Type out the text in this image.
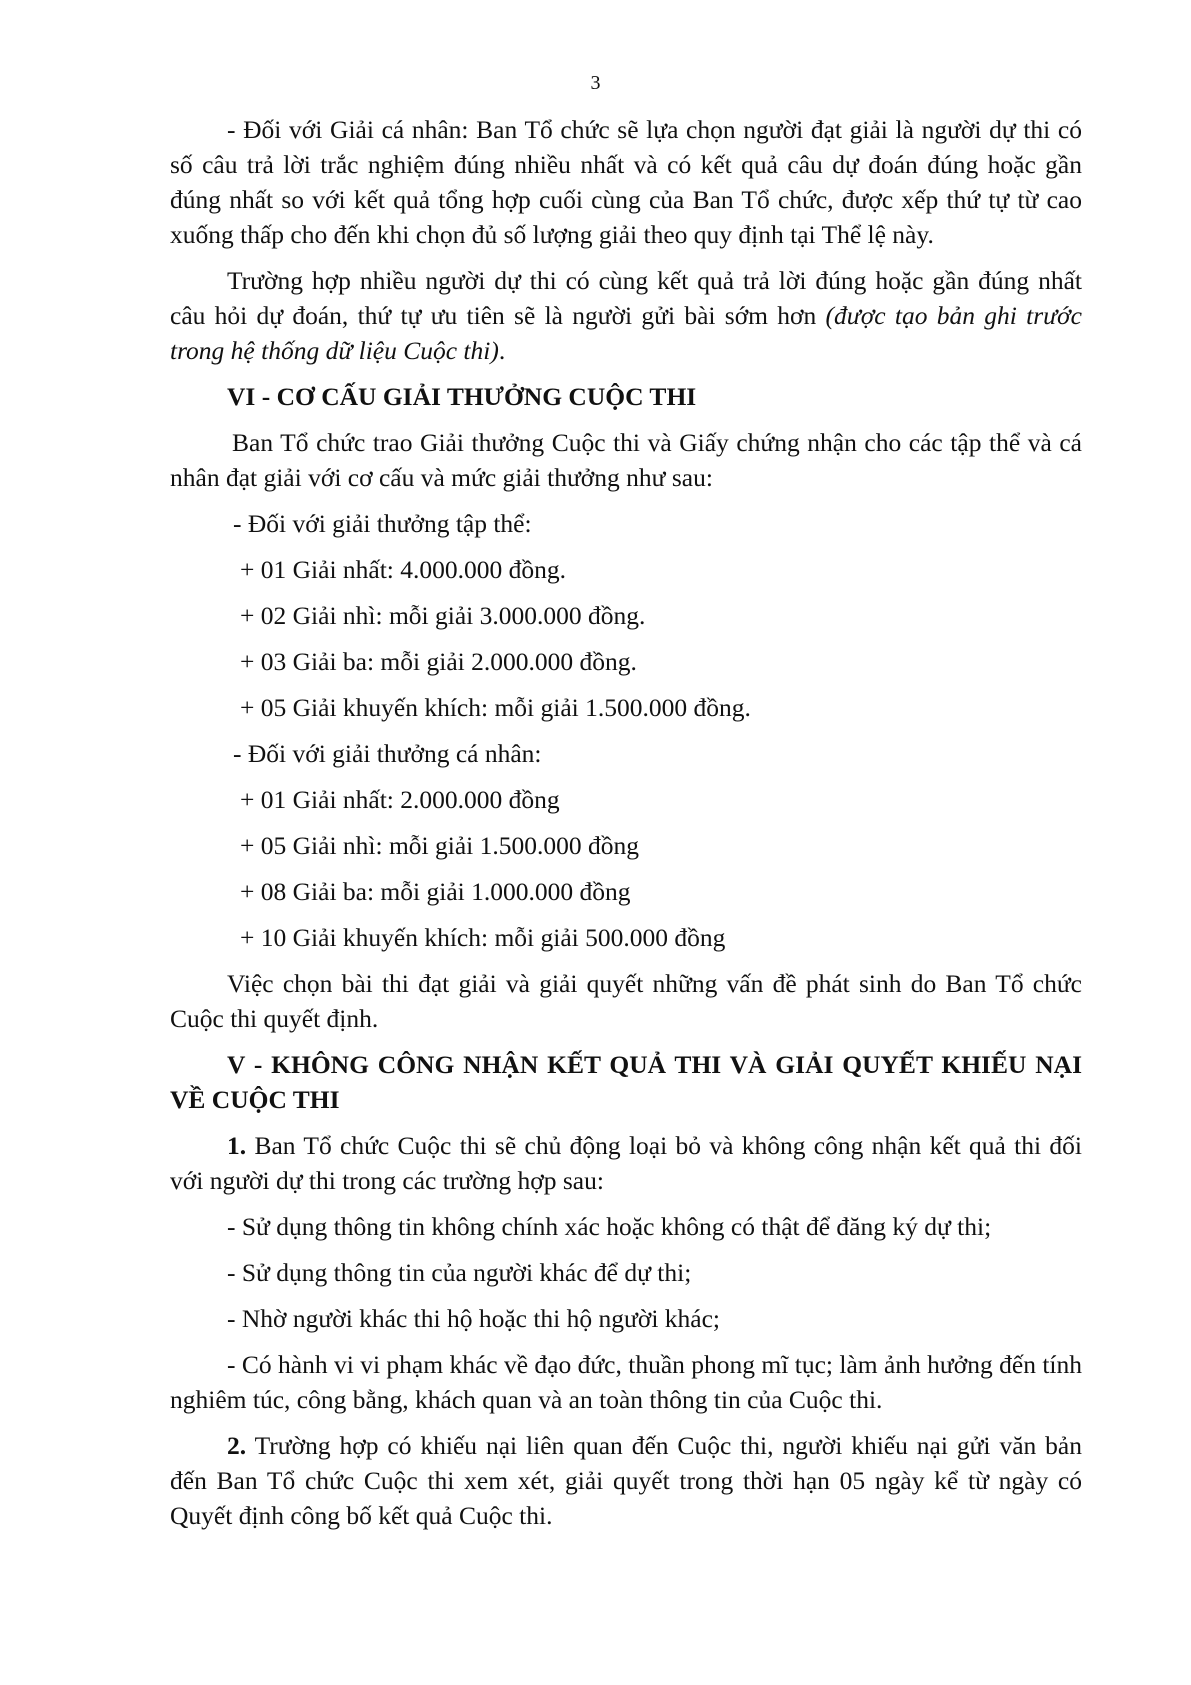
3

- Đối với Giải cá nhân: Ban Tổ chức sẽ lựa chọn người đạt giải là người dự thi có số câu trả lời trắc nghiệm đúng nhiều nhất và có kết quả câu dự đoán đúng hoặc gần đúng nhất so với kết quả tổng hợp cuối cùng của Ban Tổ chức, được xếp thứ tự từ cao xuống thấp cho đến khi chọn đủ số lượng giải theo quy định tại Thể lệ này.

Trường hợp nhiều người dự thi có cùng kết quả trả lời đúng hoặc gần đúng nhất câu hỏi dự đoán, thứ tự ưu tiên sẽ là người gửi bài sớm hơn (được tạo bản ghi trước trong hệ thống dữ liệu Cuộc thi).

VI - CƠ CẤU GIẢI THƯỞNG CUỘC THI

Ban Tổ chức trao Giải thưởng Cuộc thi và Giấy chứng nhận cho các tập thể và cá nhân đạt giải với cơ cấu và mức giải thưởng như sau:

- Đối với giải thưởng tập thể:

+ 01 Giải nhất: 4.000.000 đồng.

+ 02 Giải nhì: mỗi giải 3.000.000 đồng.

+ 03 Giải ba: mỗi giải 2.000.000 đồng.

+ 05 Giải khuyến khích: mỗi giải 1.500.000 đồng.

- Đối với giải thưởng cá nhân:

+ 01 Giải nhất: 2.000.000 đồng

+ 05 Giải nhì: mỗi giải 1.500.000 đồng

+ 08 Giải ba: mỗi giải 1.000.000 đồng

+ 10 Giải khuyến khích: mỗi giải 500.000 đồng

Việc chọn bài thi đạt giải và giải quyết những vấn đề phát sinh do Ban Tổ chức Cuộc thi quyết định.

V - KHÔNG CÔNG NHẬN KẾT QUẢ THI VÀ GIẢI QUYẾT KHIẾU NẠI VỀ CUỘC THI

1. Ban Tổ chức Cuộc thi sẽ chủ động loại bỏ và không công nhận kết quả thi đối với người dự thi trong các trường hợp sau:

- Sử dụng thông tin không chính xác hoặc không có thật để đăng ký dự thi;

- Sử dụng thông tin của người khác để dự thi;

- Nhờ người khác thi hộ hoặc thi hộ người khác;

- Có hành vi vi phạm khác về đạo đức, thuần phong mĩ tục; làm ảnh hưởng đến tính nghiêm túc, công bằng, khách quan và an toàn thông tin của Cuộc thi.

2. Trường hợp có khiếu nại liên quan đến Cuộc thi, người khiếu nại gửi văn bản đến Ban Tổ chức Cuộc thi xem xét, giải quyết trong thời hạn 05 ngày kể từ ngày có Quyết định công bố kết quả Cuộc thi.
